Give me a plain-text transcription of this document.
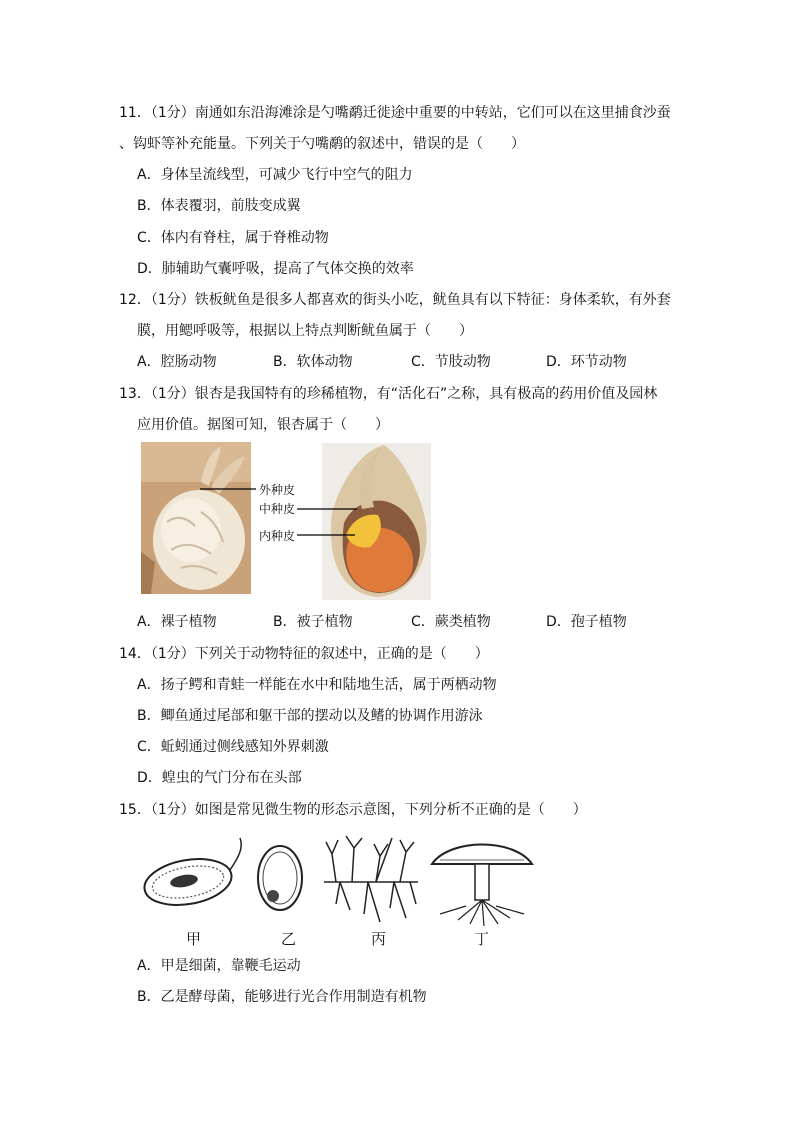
11．（1分）南通如东沿海滩涂是勺嘴鹬迁徙途中重要的中转站，它们可以在这里捕食沙蚕
、钩虾等补充能量。下列关于勺嘴鹬的叙述中，错误的是（　　）
A．身体呈流线型，可减少飞行中空气的阻力
B．体表覆羽，前肢变成翼
C．体内有脊柱，属于脊椎动物
D．肺辅助气囊呼吸，提高了气体交换的效率
12．（1分）铁板鱿鱼是很多人都喜欢的街头小吃，鱿鱼具有以下特征：身体柔软，有外套
膜，用鳃呼吸等，根据以上特点判断鱿鱼属于（　　）
A．腔肠动物	B．软体动物	C．节肢动物	D．环节动物
13．（1分）银杏是我国特有的珍稀植物，有“活化石”之称，具有极高的药用价值及园林
应用价值。据图可知，银杏属于（　　）
外种皮
中种皮
内种皮
A．裸子植物	B．被子植物	C．蕨类植物	D．孢子植物
14．（1分）下列关于动物特征的叙述中，正确的是（　　）
A．扬子鳄和青蛙一样能在水中和陆地生活，属于两栖动物
B．鲫鱼通过尾部和躯干部的摆动以及鳍的协调作用游泳
C．蚯蚓通过侧线感知外界刺激
D．蝗虫的气门分布在头部
15．（1分）如图是常见微生物的形态示意图，下列分析不正确的是（　　）
甲	乙	丙	丁
A．甲是细菌，靠鞭毛运动
B．乙是酵母菌，能够进行光合作用制造有机物
